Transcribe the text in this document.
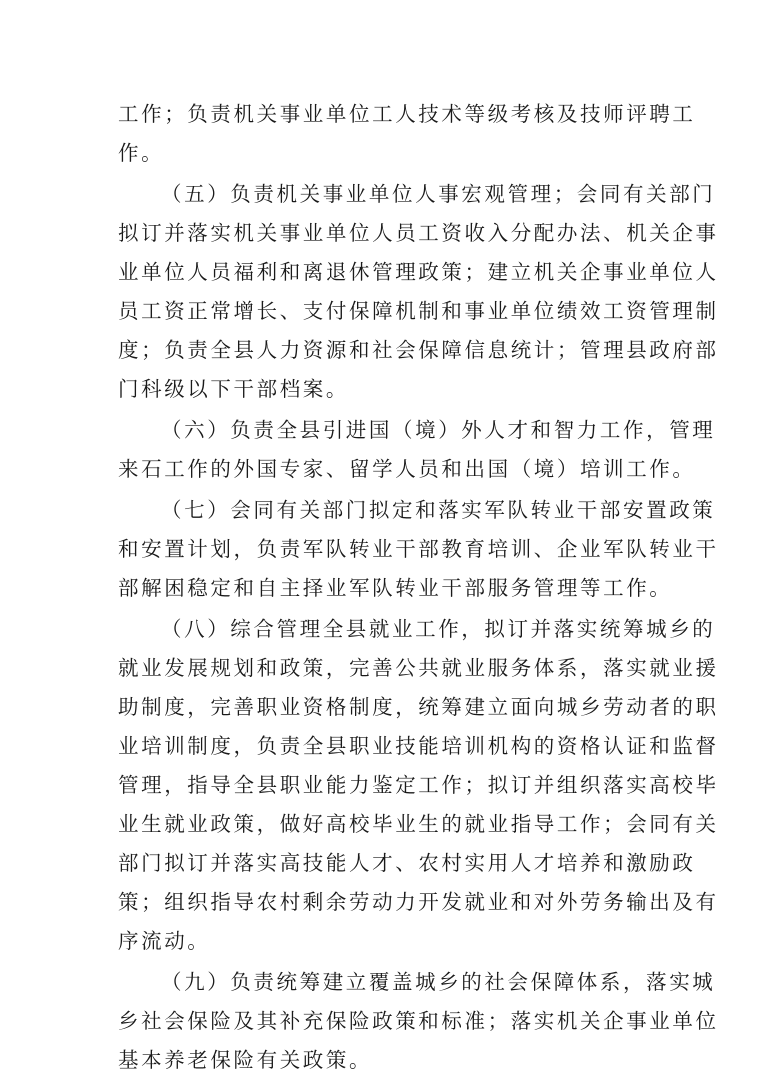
工作；负责机关事业单位工人技术等级考核及技师评聘工
作。
（五）负责机关事业单位人事宏观管理；会同有关部门
拟订并落实机关事业单位人员工资收入分配办法、机关企事
业单位人员福利和离退休管理政策；建立机关企事业单位人
员工资正常增长、支付保障机制和事业单位绩效工资管理制
度；负责全县人力资源和社会保障信息统计；管理县政府部
门科级以下干部档案。
（六）负责全县引进国（境）外人才和智力工作，管理
来石工作的外国专家、留学人员和出国（境）培训工作。
（七）会同有关部门拟定和落实军队转业干部安置政策
和安置计划，负责军队转业干部教育培训、企业军队转业干
部解困稳定和自主择业军队转业干部服务管理等工作。
（八）综合管理全县就业工作，拟订并落实统筹城乡的
就业发展规划和政策，完善公共就业服务体系，落实就业援
助制度，完善职业资格制度，统筹建立面向城乡劳动者的职
业培训制度，负责全县职业技能培训机构的资格认证和监督
管理，指导全县职业能力鉴定工作；拟订并组织落实高校毕
业生就业政策，做好高校毕业生的就业指导工作；会同有关
部门拟订并落实高技能人才、农村实用人才培养和激励政
策；组织指导农村剩余劳动力开发就业和对外劳务输出及有
序流动。
（九）负责统筹建立覆盖城乡的社会保障体系，落实城
乡社会保险及其补充保险政策和标准；落实机关企事业单位
基本养老保险有关政策。
